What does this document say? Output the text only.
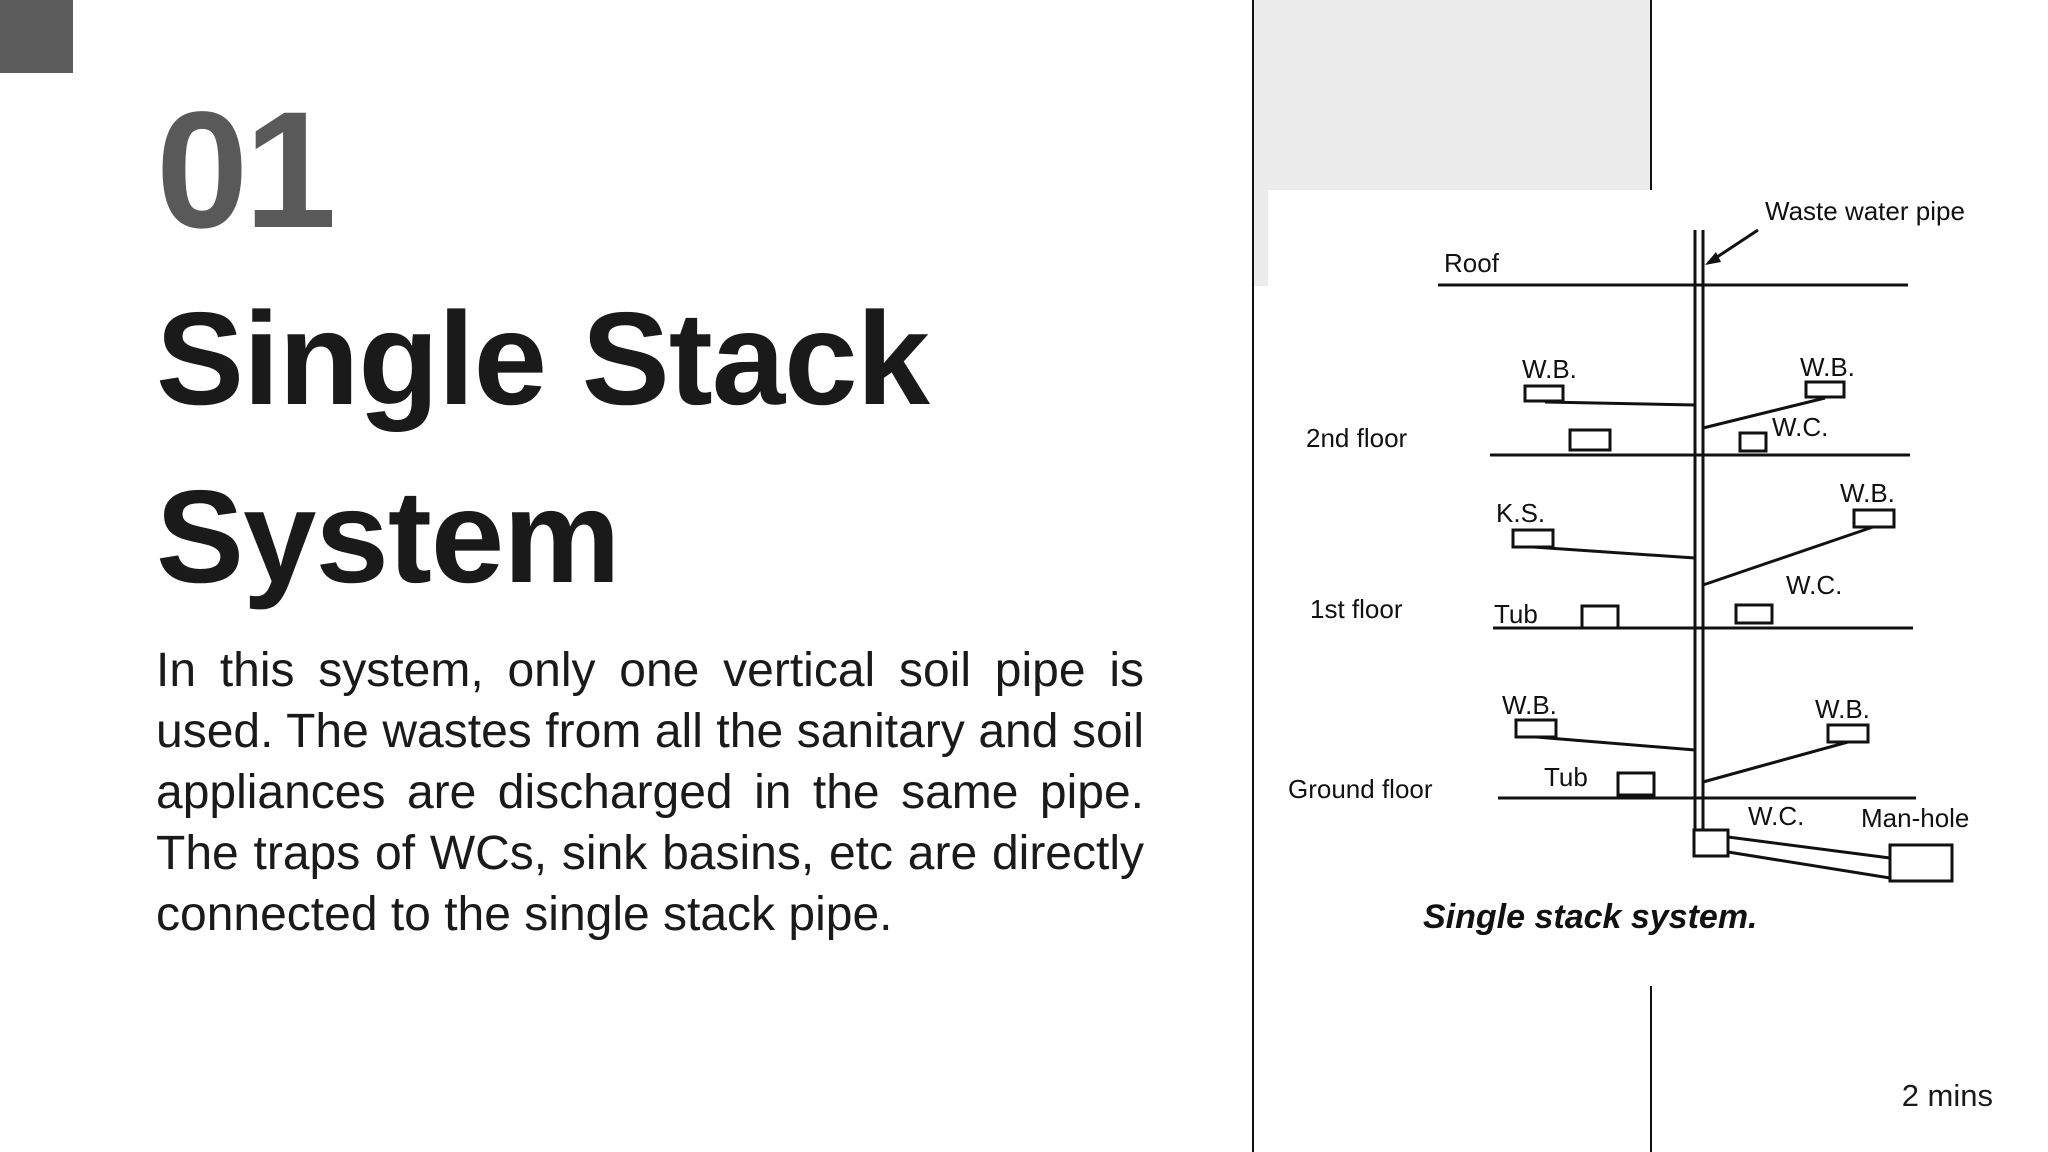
01
Single Stack
System

In this system, only one vertical soil pipe is used. The wastes from all the sanitary and soil appliances are discharged in the same pipe. The traps of WCs, sink basins, etc are directly connected to the single stack pipe.

Waste water pipe
Roof
2nd floor
1st floor
Ground floor
W.B.	W.B.
W.C.
K.S.
W.B.
W.C.
Tub
W.B.	W.B.
Tub
W.C. Man-hole
Single stack system.
2 mins
